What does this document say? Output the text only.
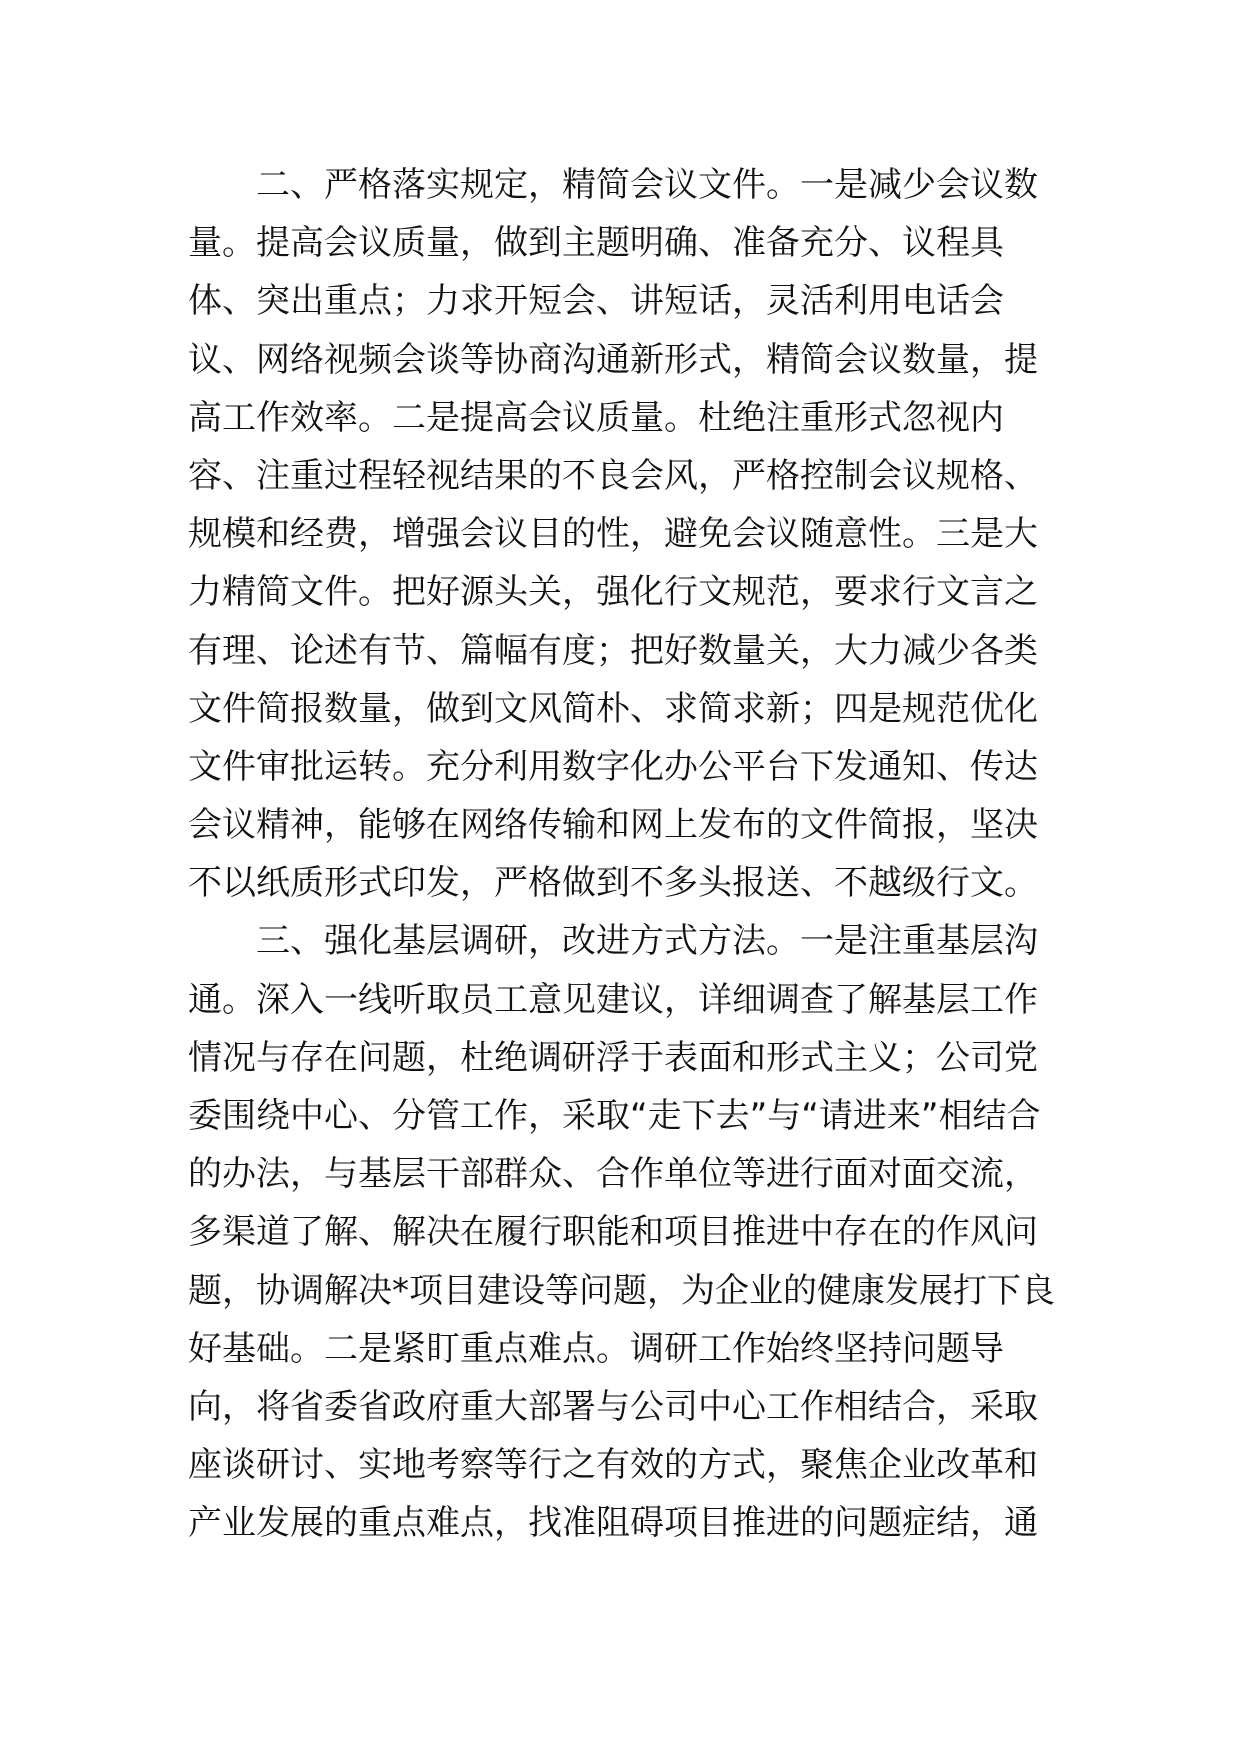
二、严格落实规定，精简会议文件。一是减少会议数
量。提高会议质量，做到主题明确、准备充分、议程具
体、突出重点；力求开短会、讲短话，灵活利用电话会
议、网络视频会谈等协商沟通新形式，精简会议数量，提
高工作效率。二是提高会议质量。杜绝注重形式忽视内
容、注重过程轻视结果的不良会风，严格控制会议规格、
规模和经费，增强会议目的性，避免会议随意性。三是大
力精简文件。把好源头关，强化行文规范，要求行文言之
有理、论述有节、篇幅有度；把好数量关，大力减少各类
文件简报数量，做到文风简朴、求简求新；四是规范优化
文件审批运转。充分利用数字化办公平台下发通知、传达
会议精神，能够在网络传输和网上发布的文件简报，坚决
不以纸质形式印发，严格做到不多头报送、不越级行文。
三、强化基层调研，改进方式方法。一是注重基层沟
通。深入一线听取员工意见建议，详细调查了解基层工作
情况与存在问题，杜绝调研浮于表面和形式主义；公司党
委围绕中心、分管工作，采取“走下去”与“请进来”相结合
的办法，与基层干部群众、合作单位等进行面对面交流，
多渠道了解、解决在履行职能和项目推进中存在的作风问
题，协调解决*项目建设等问题，为企业的健康发展打下良
好基础。二是紧盯重点难点。调研工作始终坚持问题导
向，将省委省政府重大部署与公司中心工作相结合，采取
座谈研讨、实地考察等行之有效的方式，聚焦企业改革和
产业发展的重点难点，找准阻碍项目推进的问题症结，通
